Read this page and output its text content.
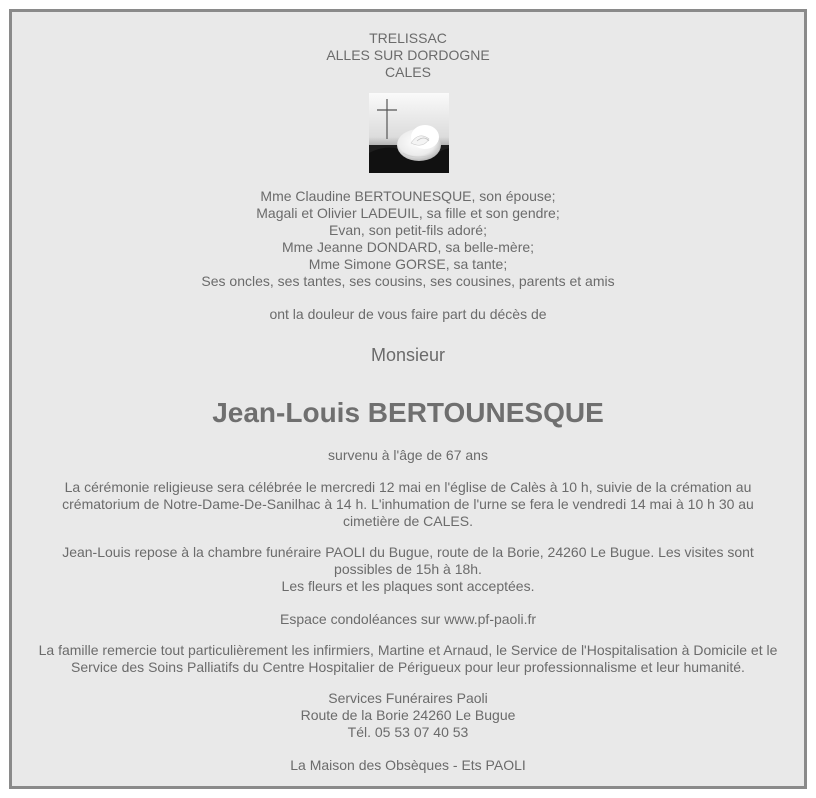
TRELISSAC
ALLES SUR DORDOGNE
CALES
Mme Claudine BERTOUNESQUE, son épouse;
Magali et Olivier LADEUIL, sa fille et son gendre;
Evan, son petit-fils adoré;
Mme Jeanne DONDARD, sa belle-mère;
Mme Simone GORSE, sa tante;
Ses oncles, ses tantes, ses cousins, ses cousines, parents et amis
ont la douleur de vous faire part du décès de
Monsieur
Jean-Louis BERTOUNESQUE
survenu à l'âge de 67 ans
La cérémonie religieuse sera célébrée le mercredi 12 mai en l'église de Calès à 10 h, suivie de la crémation au crématorium de Notre-Dame-De-Sanilhac à 14 h. L'inhumation de l'urne se fera le vendredi 14 mai à 10 h 30 au cimetière de CALES.
Jean-Louis repose à la chambre funéraire PAOLI du Bugue, route de la Borie, 24260 Le Bugue. Les visites sont possibles de 15h à 18h.
Les fleurs et les plaques sont acceptées.
Espace condoléances sur www.pf-paoli.fr
La famille remercie tout particulièrement les infirmiers, Martine et Arnaud, le Service de l'Hospitalisation à Domicile et le Service des Soins Palliatifs du Centre Hospitalier de Périgueux pour leur professionnalisme et leur humanité.
Services Funéraires Paoli
Route de la Borie 24260 Le Bugue
Tél. 05 53 07 40 53
La Maison des Obsèques - Ets PAOLI
